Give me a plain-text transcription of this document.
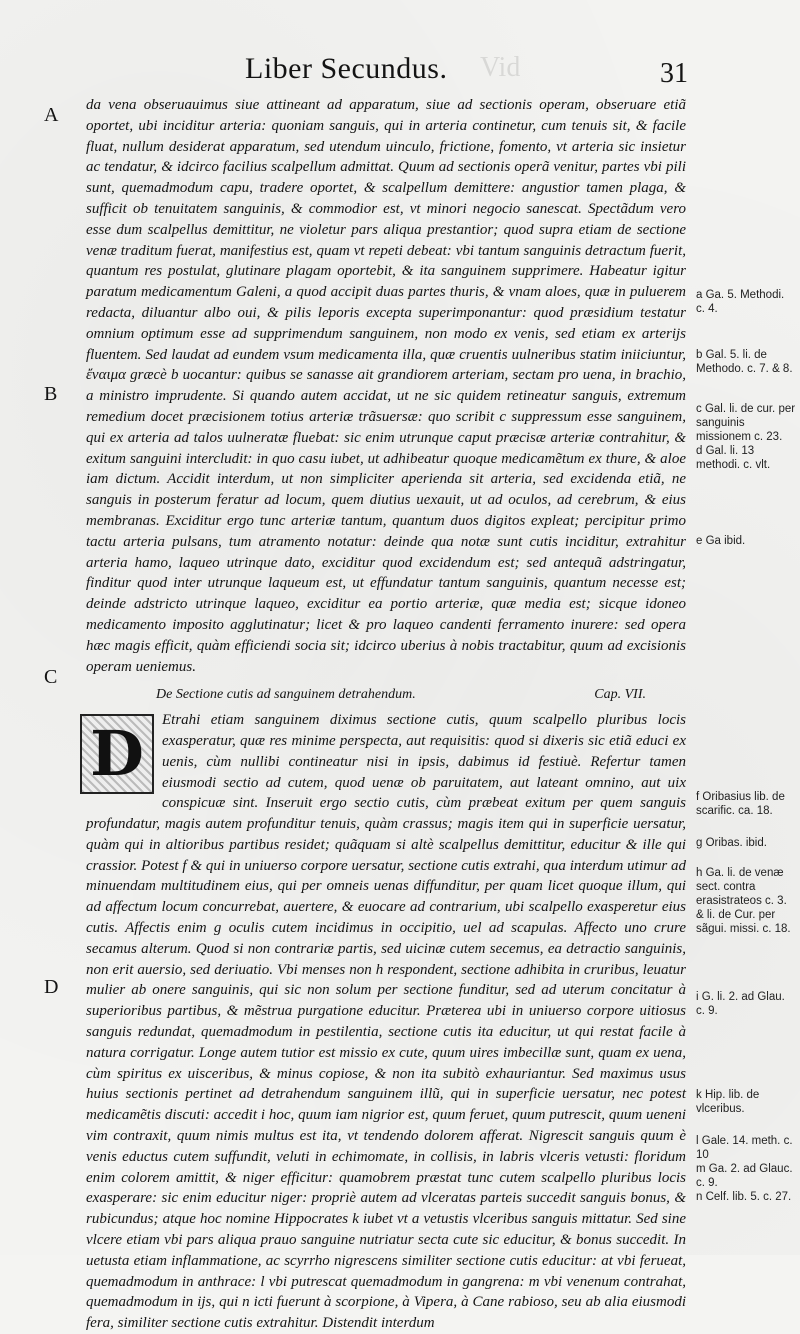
Vid
Liber Secundus.	31
A
B
C
D

da vena obseruauimus siue attineant ad apparatum, siue ad sectionis operam, obseruare etiã oportet, ubi inciditur arteria: quoniam sanguis, qui in arteria continetur, cum tenuis sit, & facile fluat, nullum desiderat apparatum, sed utendum uinculo, frictione, fomento, vt arteria sic insietur ac tendatur, & idcirco facilius scalpellum admittat. Quum ad sectionis operã venitur, partes vbi pili sunt, quemadmodum capu, tradere oportet, & scalpellum demittere: angustior tamen plaga, & sufficit ob tenuitatem sanguinis, & commodior est, vt minori negocio sanescat. Spectãdum vero esse dum scalpellus demittitur, ne violetur pars aliqua prestantior; quod supra etiam de sectione venæ traditum fuerat, manifestius est, quam vt repeti debeat: vbi tantum sanguinis detractum fuerit, quantum res postulat, glutinare plagam oportebit, & ita sanguinem supprimere. Habeatur igitur paratum medicamentum Galeni, a quod accipit duas partes thuris, & vnam aloes, quæ in puluerem redacta, diluantur albo oui, & pilis leporis excepta superimponantur: quod præsidium testatur omnium optimum esse ad supprimendum sanguinem, non modo ex venis, sed etiam ex arterijs fluentem. Sed laudat ad eundem vsum medicamenta illa, quæ cruentis uulneribus statim iniiciuntur, ἔναιμα græcè b uocantur: quibus se sanasse ait grandiorem arteriam, sectam pro uena, in brachio, a ministro imprudente. Si quando autem accidat, ut ne sic quidem retineatur sanguis, extremum remedium docet præcisionem totius arteriæ trãsuersæ: quo scribit c suppressum esse sanguinem, qui ex arteria ad talos uulneratæ fluebat: sic enim utrunque caput præcisæ arteriæ contrahitur, & exitum sanguini intercludit: in quo casu iubet, ut adhibeatur quoque medicamẽtum ex thure, & aloe iam dictum. Accidit interdum, ut non simpliciter aperienda sit arteria, sed excidenda etiã, ne sanguis in posterum feratur ad locum, quem diutius uexauit, ut ad oculos, ad cerebrum, & eius membranas. Exciditur ergo tunc arteriæ tantum, quantum duos digitos expleat; percipitur primo tactu arteria pulsans, tum atramento notatur: deinde qua notæ sunt cutis inciditur, extrahitur arteria hamo, laqueo utrinque dato, exciditur quod excidendum est; sed antequã adstringatur, finditur quod inter utrunque laqueum est, ut effundatur tantum sanguinis, quantum necesse est; deinde adstricto utrinque laqueo, exciditur ea portio arteriæ, quæ media est; sicque idoneo medicamento imposito agglutinatur; licet & pro laqueo candenti ferramento inurere: sed opera hæc magis efficit, quàm efficiendi socia sit; idcirco uberius à nobis tractabitur, quum ad excisionis operam ueniemus.

De Sectione cutis ad sanguinem detrahendum.	Cap. VII.
D	Etrahi etiam sanguinem diximus sectione cutis, quum scalpello pluribus locis exasperatur, quæ res minime perspecta, aut requisitis: quod si dixeris sic etiã educi ex uenis, cùm nullibi contineatur nisi in ipsis, dabimus id festiuè. Refertur tamen eiusmodi sectio ad cutem, quod uenæ ob paruitatem, aut lateant omnino, aut uix conspicuæ sint. Inseruit ergo sectio cutis, cùm præbeat exitum per quem sanguis profundatur, magis autem profunditur tenuis, quàm crassus; magis item qui in superficie uersatur, quàm qui in altioribus partibus residet; quãquam si altè scalpellus demittitur, educitur & ille qui crassior. Potest f & qui in uniuerso corpore uersatur, sectione cutis extrahi, qua interdum utimur ad minuendam multitudinem eius, qui per omneis uenas diffunditur, per quam licet quoque illum, qui ad affectum locum concurrebat, auertere, & euocare ad contrarium, ubi scalpello exasperetur eius cutis. Affectis enim g oculis cutem incidimus in occipitio, uel ad scapulas. Affecto uno crure secamus alterum. Quod si non contrariæ partis, sed uicinæ cutem secemus, ea detractio sanguinis, non erit auersio, sed deriuatio. Vbi menses non h respondent, sectione adhibita in cruribus, leuatur mulier ab onere sanguinis, qui sic non solum per sectione funditur, sed ad uterum concitatur à superioribus partibus, & mẽstrua purgatione educitur. Præterea ubi in uniuerso corpore uitiosus sanguis redundat, quemadmodum in pestilentia, sectione cutis ita educitur, ut qui restat facile à natura corrigatur. Longe autem tutior est missio ex cute, quum uires imbecillæ sunt, quam ex uena, cùm spiritus ex uisceribus, & minus copiose, & non ita subitò exhauriantur. Sed maximus usus huius sectionis pertinet ad detrahendum sanguinem illũ, qui in superficie uersatur, nec potest medicamẽtis discuti: accedit i hoc, quum iam nigrior est, quum feruet, quum putrescit, quum ueneni vim contraxit, quum nimis multus est ita, vt tendendo dolorem afferat. Nigrescit sanguis quum è venis eductus cutem suffundit, veluti in echimomate, in collisis, in labris vlceris vetusti: floridum enim colorem amittit, & niger efficitur: quamobrem præstat tunc cutem scalpello pluribus locis exasperare: sic enim educitur niger: propriè autem ad vlceratas parteis succedit sanguis bonus, & rubicundus; atque hoc nomine Hippocrates k iubet vt a vetustis vlceribus sanguis mittatur. Sed sine vlcere etiam vbi pars aliqua prauo sanguine nutriatur secta cute sic educitur, & bonus succedit. In uetusta etiam inflammatione, ac scyrrho nigrescens similiter sectione cutis educitur: at vbi ferueat, quemadmodum in anthrace: l vbi putrescat quemadmodum in gangrena: m vbi venenum contrahat, quemadmodum in ijs, qui n icti fuerunt à scorpione, à Vipera, à Cane rabioso, seu ab alia eiusmodi fera, similiter sectione cutis extrahitur. Distendit interdum

a Ga. 5. Methodi. c. 4.
b Gal. 5. li. de Methodo. c. 7. & 8.
c Gal. li. de cur. per sanguinis missionem c. 23.
d Gal. li. 13 methodi. c. vlt.
e Ga ibid.
f Oribasius lib. de scarific. ca. 18.
g Oribas. ibid.
h Ga. li. de venæ sect. contra erasistrateos c. 3. & li. de Cur. per sãgui. missi. c. 18.
i G. li. 2. ad Glau. c. 9.
k Hip. lib. de vlceribus.
l Gale. 14. meth. c. 10
m Ga. 2. ad Glauc. c. 9.
n Celf. lib. 5. c. 27.
